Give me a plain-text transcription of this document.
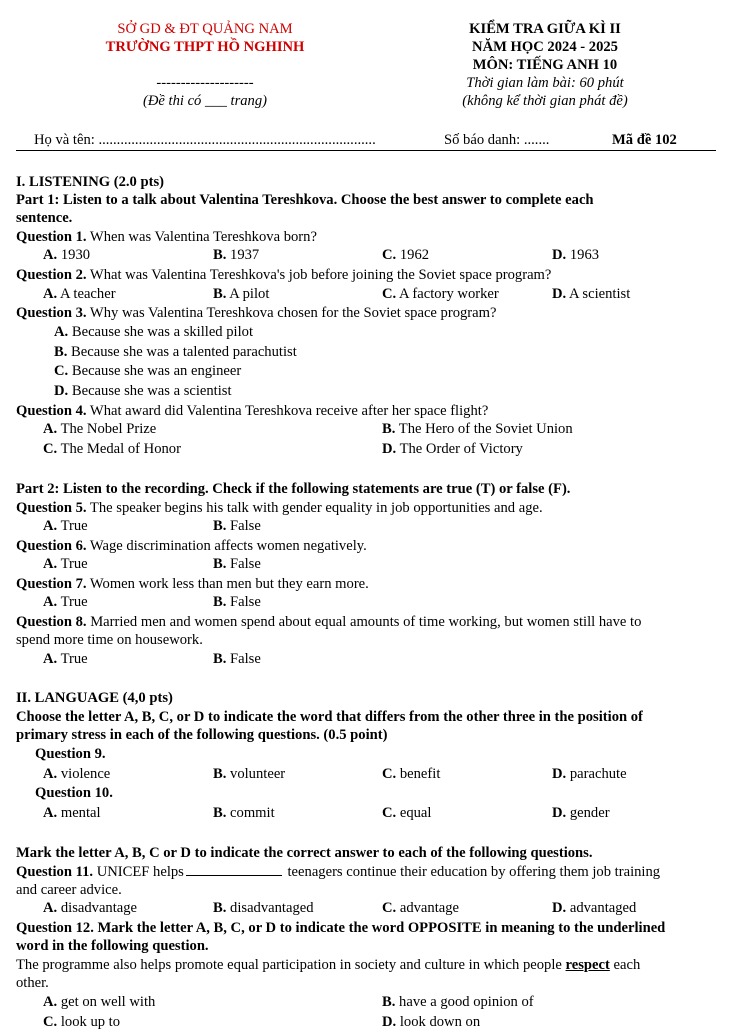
SỞ GD & ĐT QUẢNG NAM
TRƯỜNG THPT HỒ NGHINH
--------------------
(Đề thi có ___ trang)
KIỂM TRA GIỮA KÌ II
NĂM HỌC 2024 - 2025
MÔN: TIẾNG ANH 10
Thời gian làm bài: 60 phút
(không kể thời gian phát đề)
Họ và tên: ............................................................................	Số báo danh: .......	Mã đề 102
I. LISTENING (2.0 pts)
Part 1: Listen to a talk about Valentina Tereshkova. Choose the best answer to complete each
sentence.
Question 1. When was Valentina Tereshkova born?
A. 1930	B. 1937	C. 1962	D. 1963
Question 2. What was Valentina Tereshkova's job before joining the Soviet space program?
A. A teacher	B. A pilot	C. A factory worker	D. A scientist
Question 3. Why was Valentina Tereshkova chosen for the Soviet space program?
A. Because she was a skilled pilot
B. Because she was a talented parachutist
C. Because she was an engineer
D. Because she was a scientist
Question 4. What award did Valentina Tereshkova receive after her space flight?
A. The Nobel Prize	B. The Hero of the Soviet Union
C. The Medal of Honor	D. The Order of Victory
Part 2: Listen to the recording. Check if the following statements are true (T) or false (F).
Question 5. The speaker begins his talk with gender equality in job opportunities and age.
A. True	B. False
Question 6. Wage discrimination affects women negatively.
A. True	B. False
Question 7. Women work less than men but they earn more.
A. True	B. False
Question 8. Married men and women spend about equal amounts of time working, but women still have to
spend more time on housework.
A. True	B. False
II. LANGUAGE (4,0 pts)
Choose the letter A, B, C, or D to indicate the word that differs from the other three in the position of
primary stress in each of the following questions. (0.5 point)
Question 9.
A. violence	B. volunteer	C. benefit	D. parachute
Question 10.
A. mental	B. commit	C. equal	D. gender
Mark the letter A, B, C or D to indicate the correct answer to each of the following questions.
Question 11. UNICEF helps	teenagers continue their education by offering them job training
and career advice.
A. disadvantage	B. disadvantaged	C. advantage	D. advantaged
Question 12. Mark the letter A, B, C, or D to indicate the word OPPOSITE in meaning to the underlined
word in the following question.
The programme also helps promote equal participation in society and culture in which people respect each
other.
A. get on well with	B. have a good opinion of
C. look up to	D. look down on
